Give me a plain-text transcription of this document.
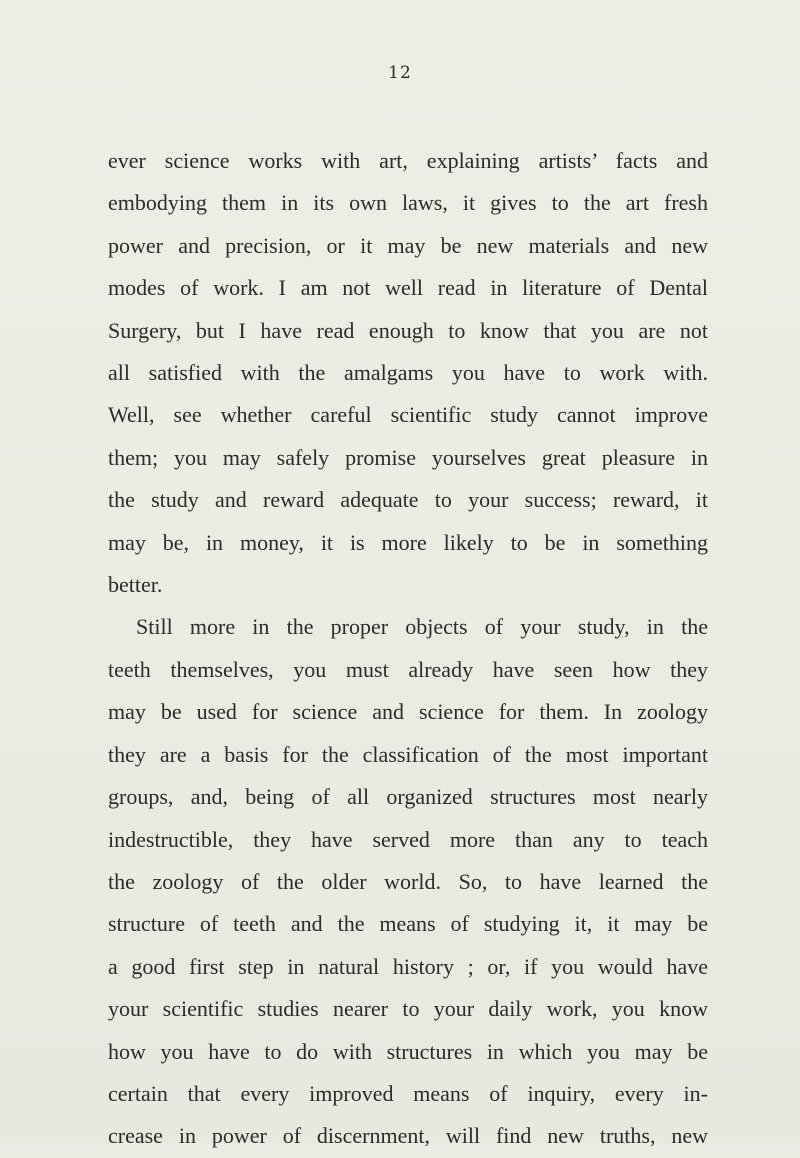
12
ever science works with art, explaining artists’ facts and
embodying them in its own laws, it gives to the art fresh
power and precision, or it may be new materials and new
modes of work. I am not well read in literature of Dental
Surgery, but I have read enough to know that you are not
all satisfied with the amalgams you have to work with.
Well, see whether careful scientific study cannot improve
them; you may safely promise yourselves great pleasure in
the study and reward adequate to your success; reward, it
may be, in money, it is more likely to be in something
better.
Still more in the proper objects of your study, in the
teeth themselves, you must already have seen how they
may be used for science and science for them. In zoology
they are a basis for the classification of the most important
groups, and, being of all organized structures most nearly
indestructible, they have served more than any to teach
the zoology of the older world. So, to have learned the
structure of teeth and the means of studying it, it may be
a good first step in natural history ; or, if you would have
your scientific studies nearer to your daily work, you know
how you have to do with structures in which you may be
certain that every improved means of inquiry, every in-
crease in power of discernment, will find new truths, new
